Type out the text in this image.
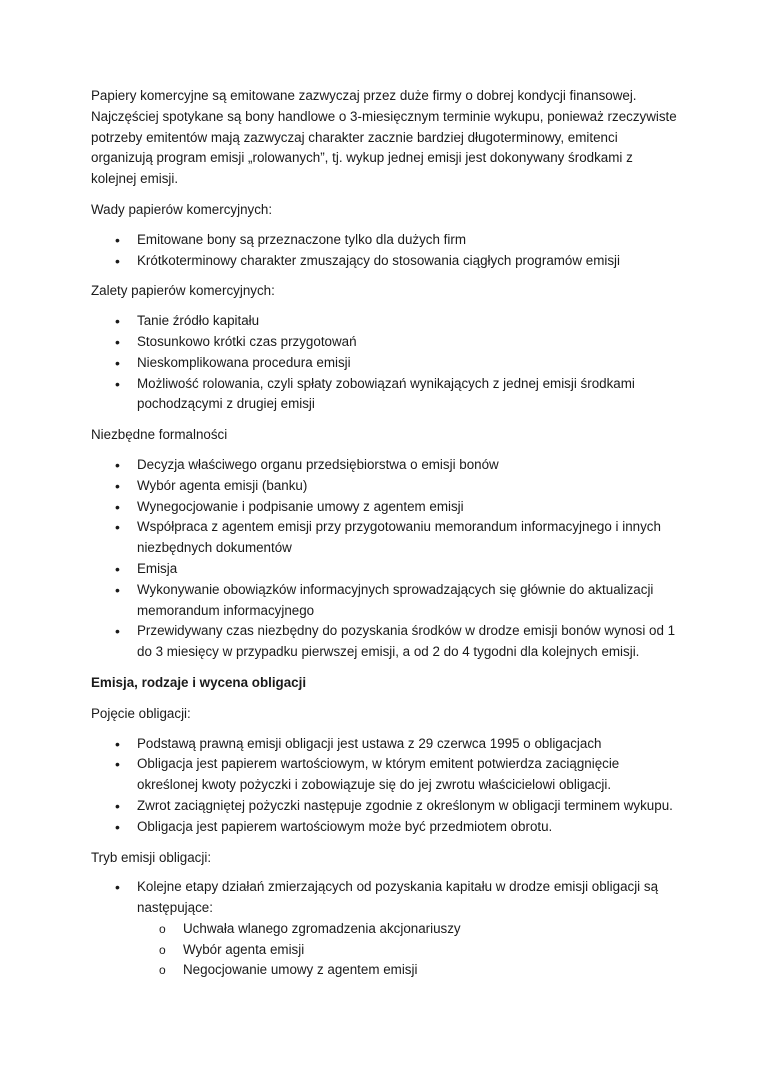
Papiery komercyjne są emitowane zazwyczaj przez duże firmy o dobrej kondycji finansowej. Najczęściej spotykane są bony handlowe o 3-miesięcznym terminie wykupu, ponieważ rzeczywiste potrzeby emitentów mają zazwyczaj charakter zacznie bardziej długoterminowy, emitenci organizują program emisji „rolowanych”, tj. wykup jednej emisji jest dokonywany środkami z kolejnej emisji.

Wady papierów komercyjnych:

• Emitowane bony są przeznaczone tylko dla dużych firm
• Krótkoterminowy charakter zmuszający do stosowania ciągłych programów emisji

Zalety papierów komercyjnych:

• Tanie źródło kapitału
• Stosunkowo krótki czas przygotowań
• Nieskomplikowana procedura emisji
• Możliwość rolowania, czyli spłaty zobowiązań wynikających z jednej emisji środkami pochodzącymi z drugiej emisji

Niezbędne formalności

• Decyzja właściwego organu przedsiębiorstwa o emisji bonów
• Wybór agenta emisji (banku)
• Wynegocjowanie i podpisanie umowy z agentem emisji
• Współpraca z agentem emisji przy przygotowaniu memorandum informacyjnego i innych niezbędnych dokumentów
• Emisja
• Wykonywanie obowiązków informacyjnych sprowadzających się głównie do aktualizacji memorandum informacyjnego
• Przewidywany czas niezbędny do pozyskania środków w drodze emisji bonów wynosi od 1 do 3 miesięcy w przypadku pierwszej emisji, a od 2 do 4 tygodni dla kolejnych emisji.

Emisja, rodzaje i wycena obligacji

Pojęcie obligacji:

• Podstawą prawną emisji obligacji jest ustawa z 29 czerwca 1995 o obligacjach
• Obligacja jest papierem wartościowym, w którym emitent potwierdza zaciągnięcie określonej kwoty pożyczki i zobowiązuje się do jej zwrotu właścicielowi obligacji.
• Zwrot zaciągniętej pożyczki następuje zgodnie z określonym w obligacji terminem wykupu.
• Obligacja jest papierem wartościowym może być przedmiotem obrotu.

Tryb emisji obligacji:

• Kolejne etapy działań zmierzających od pozyskania kapitału w drodze emisji obligacji są następujące:
o Uchwała wlanego zgromadzenia akcjonariuszy
o Wybór agenta emisji
o Negocjowanie umowy z agentem emisji
